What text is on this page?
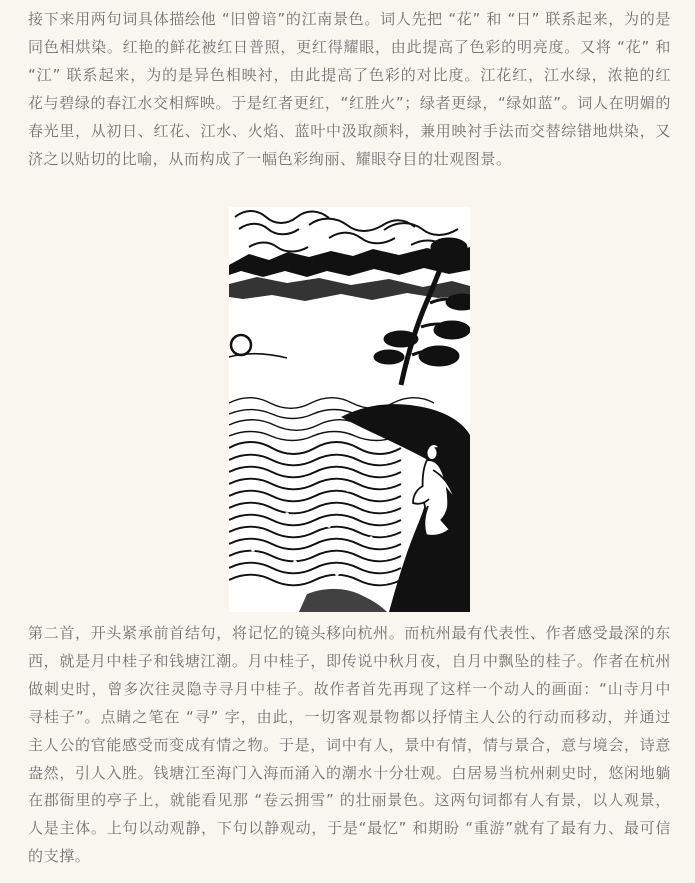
接下来用两句词具体描绘他 “旧曾谙”的江南景色。词人先把 “花” 和 “日” 联系起来，为的是同色相烘染。红艳的鲜花被红日普照，更红得耀眼，由此提高了色彩的明亮度。又将 “花” 和 “江” 联系起来，为的是异色相映衬，由此提高了色彩的对比度。江花红，江水绿，浓艳的红花与碧绿的春江水交相辉映。于是红者更红，“红胜火”；绿者更绿，“绿如蓝”。词人在明媚的春光里，从初日、红花、江水、火焰、蓝叶中汲取颜料，兼用映衬手法而交替综错地烘染，又济之以贴切的比喻，从而构成了一幅色彩绚丽、耀眼夺目的壮观图景。

第二首，开头紧承前首结句，将记忆的镜头移向杭州。而杭州最有代表性、作者感受最深的东西，就是月中桂子和钱塘江潮。月中桂子，即传说中秋月夜，自月中飘坠的桂子。作者在杭州做刺史时，曾多次往灵隐寺寻月中桂子。故作者首先再现了这样一个动人的画面：“山寺月中寻桂子”。点睛之笔在 “寻” 字，由此，一切客观景物都以抒情主人公的行动而移动，并通过主人公的官能感受而变成有情之物。于是，词中有人，景中有情，情与景合，意与境会，诗意盎然，引人入胜。钱塘江至海门入海而涌入的潮水十分壮观。白居易当杭州刺史时，悠闲地躺在郡衙里的亭子上，就能看见那 “卷云拥雪” 的壮丽景色。这两句词都有人有景，以人观景，人是主体。上句以动观静，下句以静观动，于是“最忆” 和期盼 “重游”就有了最有力、最可信的支撑。
